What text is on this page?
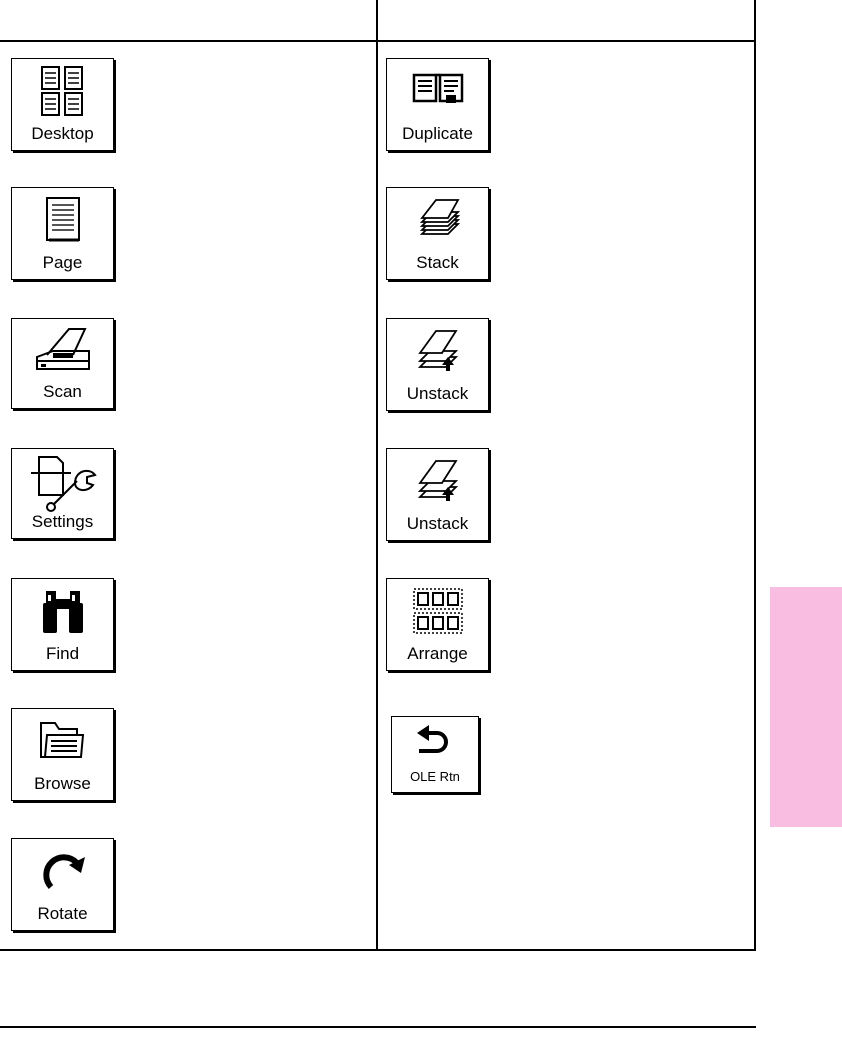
Desktop
Page
Scan
Settings
Find
Browse
Rotate
Duplicate
Stack
Unstack
Unstack
Arrange
OLE Rtn
